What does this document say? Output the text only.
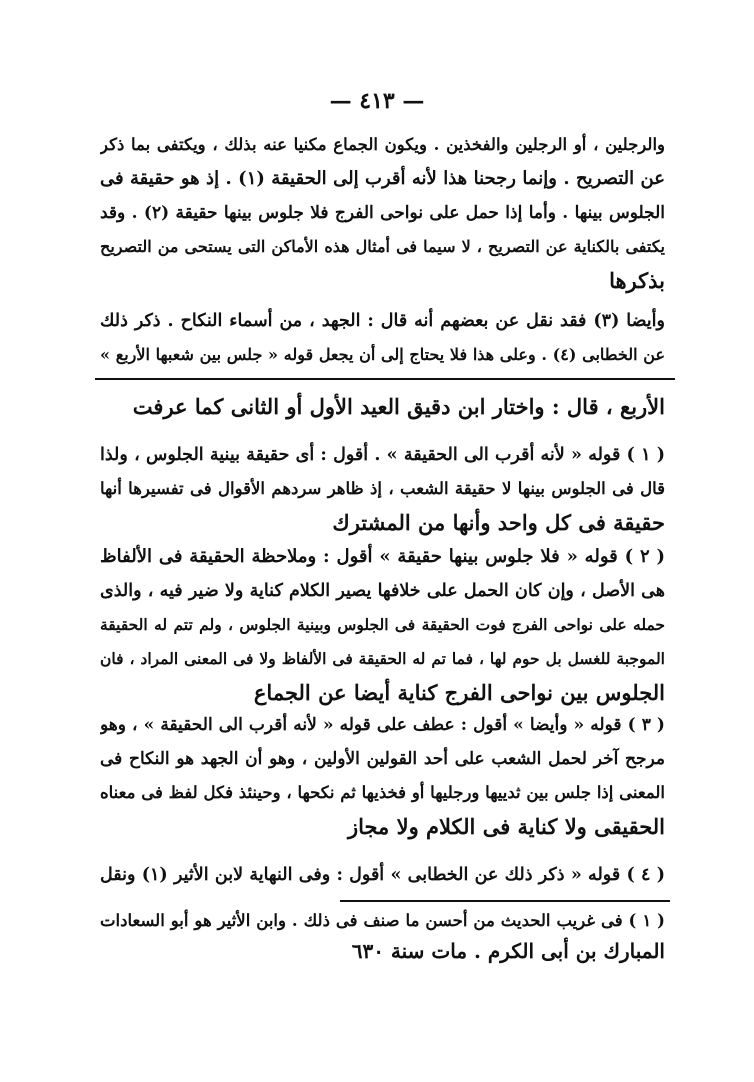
— ٤١٣ —
والرجلين ، أو الرجلين والفخذين . ويكون الجماع مكنيا عنه بذلك ، ويكتفى بما ذكر
عن التصريح . وإنما رجحنا هذا لأنه أقرب إلى الحقيقة (١) . إذ هو حقيقة فى
الجلوس بينها . وأما إذا حمل على نواحى الفرج فلا جلوس بينها حقيقة (٢) . وقد
يكتفى بالكناية عن التصريح ، لا سيما فى أمثال هذه الأماكن التى يستحى من التصريح
بذكرها
وأيضا (٣) فقد نقل عن بعضهم أنه قال : الجهد ، من أسماء النكاح . ذكر ذلك
عن الخطابى (٤) . وعلى هذا فلا يحتاج إلى أن يجعل قوله « جلس بين شعبها الأربع »
الأربع ، قال : واختار ابن دقيق العيد الأول أو الثانى كما عرفت
( ١ ) قوله « لأنه أقرب الى الحقيقة » . أقول : أى حقيقة بينية الجلوس ، ولذا
قال فى الجلوس بينها لا حقيقة الشعب ، إذ ظاهر سردهم الأقوال فى تفسيرها أنها
حقيقة فى كل واحد وأنها من المشترك
( ٢ ) قوله « فلا جلوس بينها حقيقة » أقول : وملاحظة الحقيقة فى الألفاظ
هى الأصل ، وإن كان الحمل على خلافها يصير الكلام كناية ولا ضير فيه ، والذى
حمله على نواحى الفرج فوت الحقيقة فى الجلوس وبينية الجلوس ، ولم تتم له الحقيقة
الموجبة للغسل بل حوم لها ، فما تم له الحقيقة فى الألفاظ ولا فى المعنى المراد ، فان
الجلوس بين نواحى الفرج كناية أيضا عن الجماع
( ٣ ) قوله « وأيضا » أقول : عطف على قوله « لأنه أقرب الى الحقيقة » ، وهو
مرجح آخر لحمل الشعب على أحد القولين الأولين ، وهو أن الجهد هو النكاح فى
المعنى إذا جلس بين ثدييها ورجليها أو فخذيها ثم نكحها ، وحينئذ فكل لفظ فى معناه
الحقيقى ولا كناية فى الكلام ولا مجاز
( ٤ ) قوله « ذكر ذلك عن الخطابى » أقول : وفى النهاية لابن الأثير (١) ونقل
( ١ ) فى غريب الحديث من أحسن ما صنف فى ذلك . وابن الأثير هو أبو السعادات
المبارك بن أبى الكرم . مات سنة ٦٣٠
